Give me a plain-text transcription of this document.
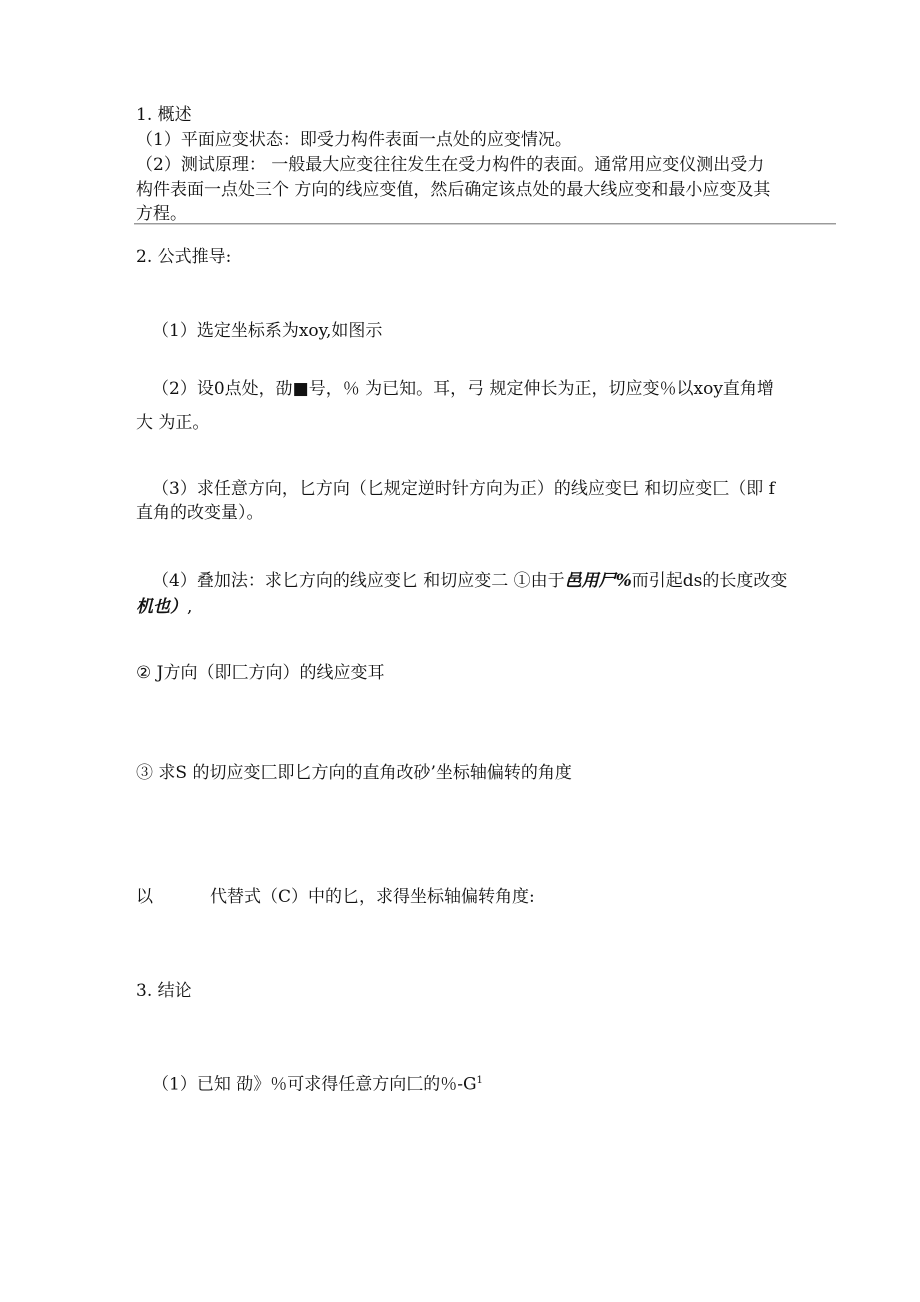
1. 概述
（1）平面应变状态：即受力构件表面一点处的应变情况。
（2）测试原理： 一般最大应变往往发生在受力构件的表面。通常用应变仪测出受力
构件表面一点处三个 方向的线应变值，然后确定该点处的最大线应变和最小应变及其
方程。
2. 公式推导:
（1）选定坐标系为xoy,如图示
（2）设0点处，劭■号，％ 为已知。耳，弓 规定伸长为正，切应变％以xoy直角增
大 为正。
（3）求任意方向，匕方向（匕规定逆时针方向为正）的线应变巳 和切应变匚（即 f
直角的改变量）。
（4）叠加法：求匕方向的线应变匕 和切应变二 ①由于邑用尸%而引起ds的长度改变
机也）,
② J方向（即匚方向）的线应变耳
③ 求S 的切应变匚即匕方向的直角改砂’坐标轴偏转的角度
以	代替式（C）中的匕，求得坐标轴偏转角度:
3. 结论
（1）已知 劭》％可求得任意方向匚的％$-G^1$
